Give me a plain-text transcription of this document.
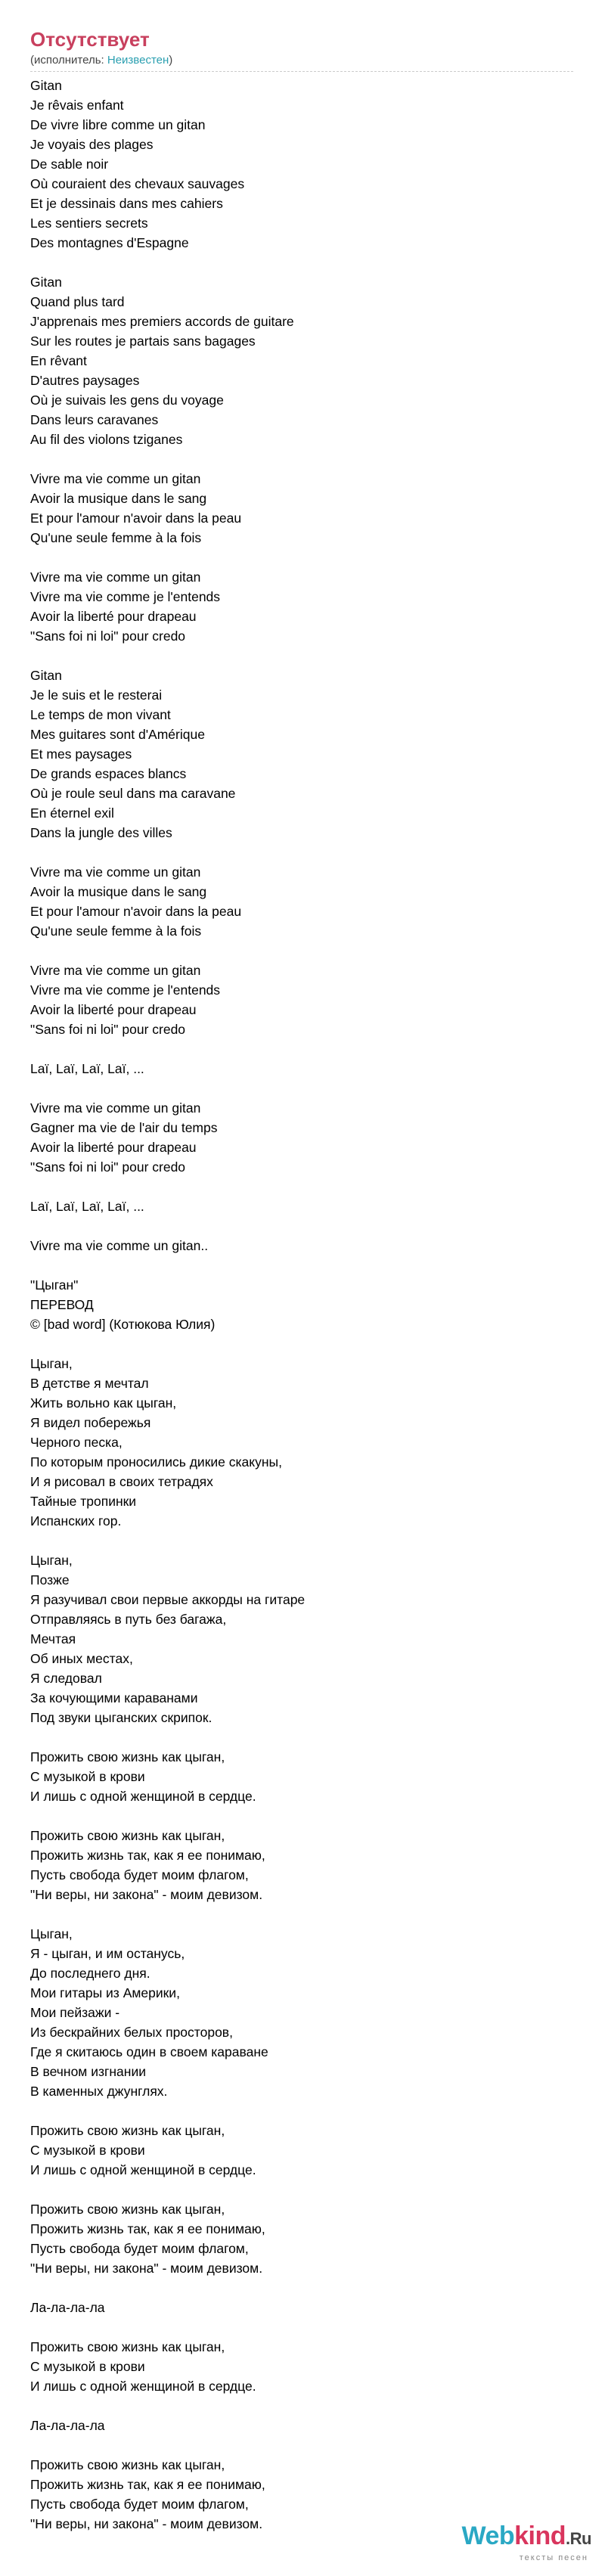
Отсутствует
(исполнитель: Неизвестен)
Gitan
Je rêvais enfant
De vivre libre comme un gitan
Je voyais des plages
De sable noir
Où couraient des chevaux sauvages
Et je dessinais dans mes cahiers
Les sentiers secrets
Des montagnes d'Espagne
Gitan
Quand plus tard
J'apprenais mes premiers accords de guitare
Sur les routes je partais sans bagages
En rêvant
D'autres paysages
Où je suivais les gens du voyage
Dans leurs caravanes
Au fil des violons tziganes
Vivre ma vie comme un gitan
Avoir la musique dans le sang
Et pour l'amour n'avoir dans la peau
Qu'une seule femme à la fois
Vivre ma vie comme un gitan
Vivre ma vie comme je l'entends
Avoir la liberté pour drapeau
"Sans foi ni loi" pour credo
Gitan
Je le suis et le resterai
Le temps de mon vivant
Mes guitares sont d'Amérique
Et mes paysages
De grands espaces blancs
Où je roule seul dans ma caravane
En éternel exil
Dans la jungle des villes
Vivre ma vie comme un gitan
Avoir la musique dans le sang
Et pour l'amour n'avoir dans la peau
Qu'une seule femme à la fois
Vivre ma vie comme un gitan
Vivre ma vie comme je l'entends
Avoir la liberté pour drapeau
"Sans foi ni loi" pour credo
Laï, Laï, Laï, Laï, ...
Vivre ma vie comme un gitan
Gagner ma vie de l'air du temps
Avoir la liberté pour drapeau
"Sans foi ni loi" pour credo
Laï, Laï, Laï, Laï, ...
Vivre ma vie comme un gitan..
"Цыган"
ПЕРЕВОД
© [bad word] (Котюкова Юлия)
Цыган,
В детстве я мечтал
Жить вольно как цыган,
Я видел побережья
Черного песка,
По которым проносились дикие скакуны,
И я рисовал в своих тетрадях
Тайные тропинки
Испанских гор.
Цыган,
Позже
Я разучивал свои первые аккорды на гитаре
Отправляясь в путь без багажа,
Мечтая
Об иных местах,
Я следовал
За кочующими караванами
Под звуки цыганских скрипок.
Прожить свою жизнь как цыган,
С музыкой в крови
И лишь с одной женщиной в сердце.
Прожить свою жизнь как цыган,
Прожить жизнь так, как я ее понимаю,
Пусть свобода будет моим флагом,
"Ни веры, ни закона" - моим девизом.
Цыган,
Я - цыган, и им останусь,
До последнего дня.
Мои гитары из Америки,
Мои пейзажи -
Из бескрайних белых просторов,
Где я скитаюсь один в своем караване
В вечном изгнании
В каменных джунглях.
Прожить свою жизнь как цыган,
С музыкой в крови
И лишь с одной женщиной в сердце.
Прожить свою жизнь как цыган,
Прожить жизнь так, как я ее понимаю,
Пусть свобода будет моим флагом,
"Ни веры, ни закона" - моим девизом.
Ла-ла-ла-ла
Прожить свою жизнь как цыган,
С музыкой в крови
И лишь с одной женщиной в сердце.
Ла-ла-ла-ла
Прожить свою жизнь как цыган,
Прожить жизнь так, как я ее понимаю,
Пусть свобода будет моим флагом,
"Ни веры, ни закона" - моим девизом.	Webkind.Ru
тексты песен
